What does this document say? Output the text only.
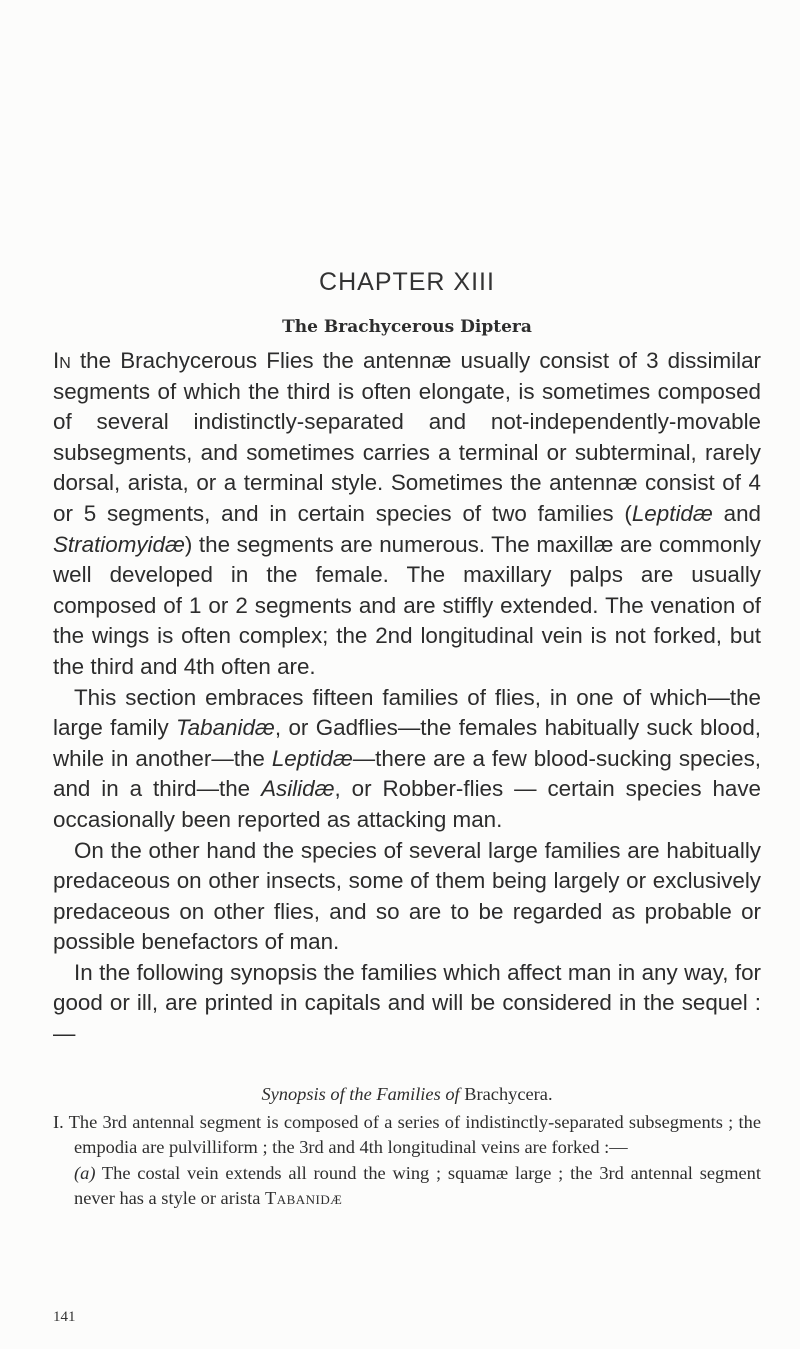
CHAPTER XIII
The Brachycerous Diptera

In the Brachycerous Flies the antennæ usually consist of 3 dissimilar segments of which the third is often elongate, is sometimes composed of several indistinctly-separated and not-independently-movable subsegments, and sometimes carries a terminal or subterminal, rarely dorsal, arista, or a terminal style. Sometimes the antennæ consist of 4 or 5 segments, and in certain species of two families (Leptidæ and Stratiomyidæ) the segments are numerous. The maxillæ are commonly well developed in the female. The maxillary palps are usually composed of 1 or 2 segments and are stiffly extended. The venation of the wings is often complex; the 2nd longitudinal vein is not forked, but the third and 4th often are.

This section embraces fifteen families of flies, in one of which—the large family Tabanidæ, or Gadflies—the females habitually suck blood, while in another—the Leptidæ—there are a few blood-sucking species, and in a third—the Asilidæ, or Robber-flies — certain species have occasionally been reported as attacking man.

On the other hand the species of several large families are habitually predaceous on other insects, some of them being largely or exclusively predaceous on other flies, and so are to be regarded as probable or possible benefactors of man.

In the following synopsis the families which affect man in any way, for good or ill, are printed in capitals and will be considered in the sequel :—

Synopsis of the Families of Brachycera.

I. The 3rd antennal segment is composed of a series of indistinctly-separated subsegments ; the empodia are pulvilliform ; the 3rd and 4th longitudinal veins are forked :—

(a) The costal vein extends all round the wing ; squamæ large ; the 3rd antennal segment never has a style or arista Tabanidæ

141
